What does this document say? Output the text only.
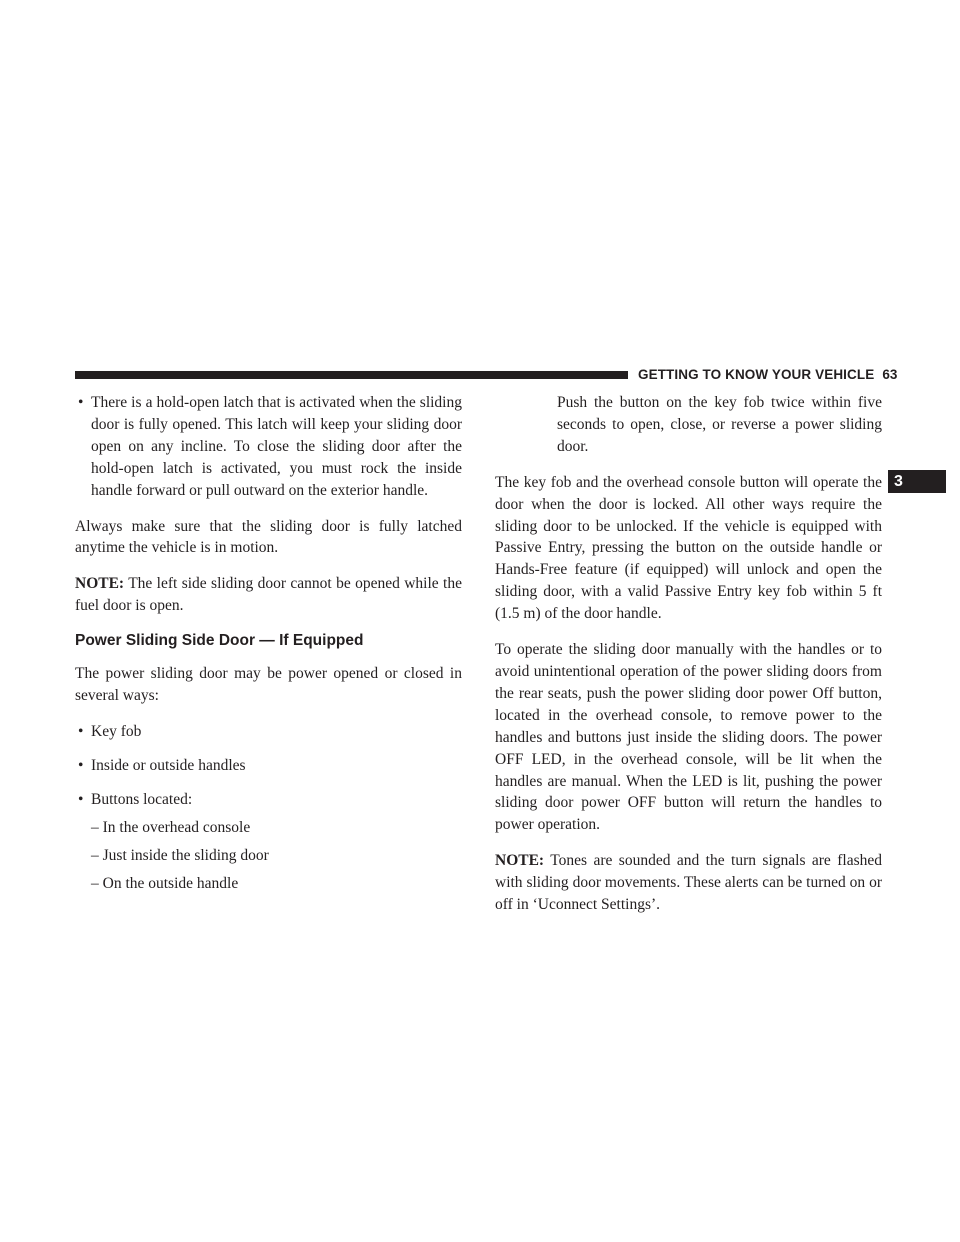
GETTING TO KNOW YOUR VEHICLE 63
3
• There is a hold-open latch that is activated when the sliding door is fully opened. This latch will keep your sliding door open on any incline. To close the sliding door after the hold-open latch is activated, you must rock the inside handle forward or pull outward on the exterior handle.

Always make sure that the sliding door is fully latched anytime the vehicle is in motion.

NOTE: The left side sliding door cannot be opened while the fuel door is open.

Power Sliding Side Door — If Equipped

The power sliding door may be power opened or closed in several ways:

• Key fob
• Inside or outside handles
• Buttons located:
– In the overhead console
– Just inside the sliding door
– On the outside handle
Push the button on the key fob twice within five seconds to open, close, or reverse a power sliding door.

The key fob and the overhead console button will operate the door when the door is locked. All other ways require the sliding door to be unlocked. If the vehicle is equipped with Passive Entry, pressing the button on the outside handle or Hands-Free feature (if equipped) will unlock and open the sliding door, with a valid Passive Entry key fob within 5 ft (1.5 m) of the door handle.

To operate the sliding door manually with the handles or to avoid unintentional operation of the power sliding doors from the rear seats, push the power sliding door power Off button, located in the overhead console, to remove power to the handles and buttons just inside the sliding doors. The power OFF LED, in the overhead console, will be lit when the handles are manual. When the LED is lit, pushing the power sliding door power OFF button will return the handles to power operation.

NOTE: Tones are sounded and the turn signals are flashed with sliding door movements. These alerts can be turned on or off in ‘Uconnect Settings’.
